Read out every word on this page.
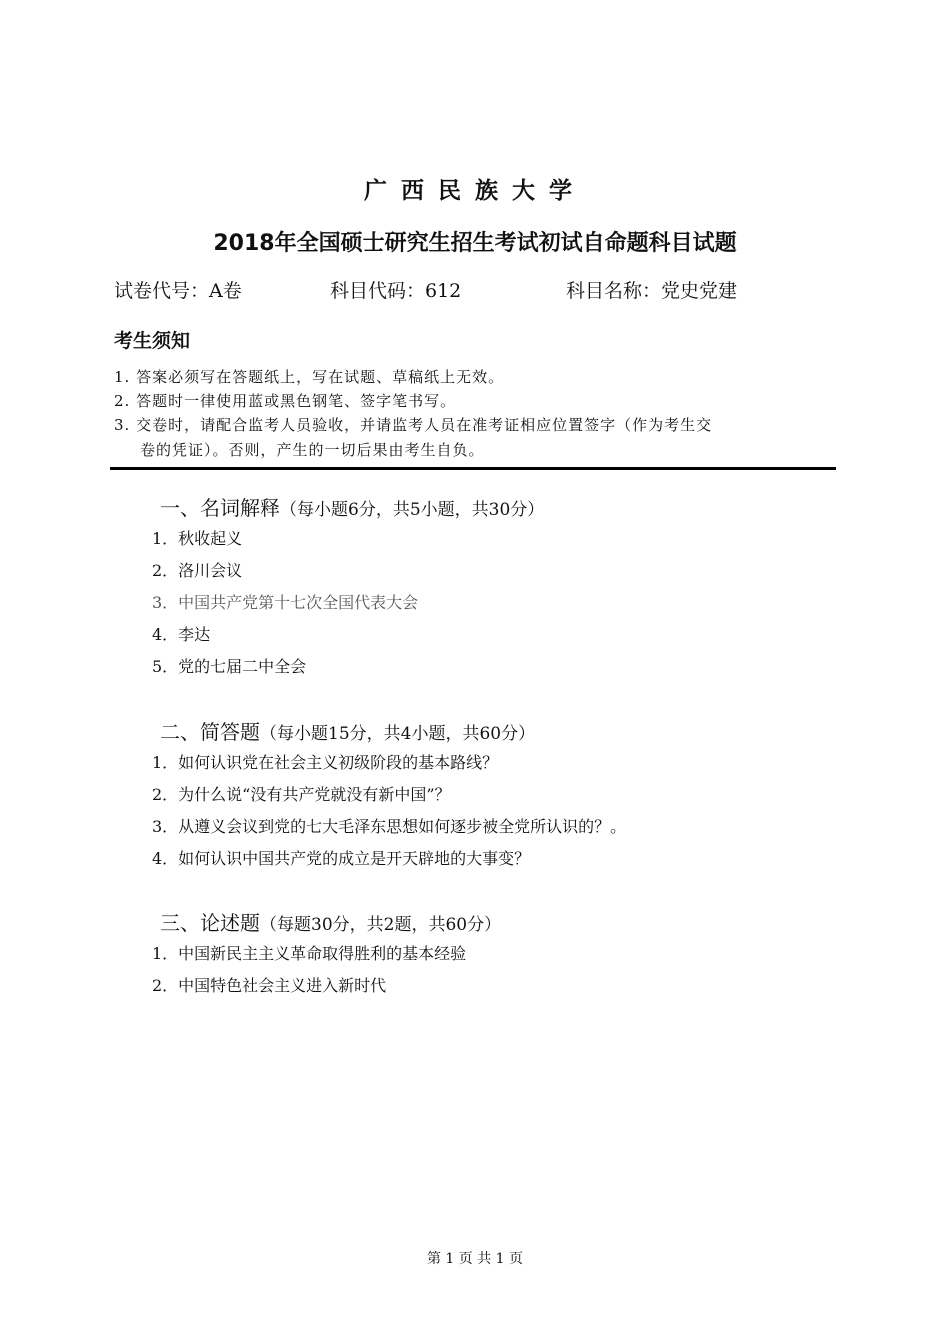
广西民族大学
2018年全国硕士研究生招生考试初试自命题科目试题
试卷代号：A卷	科目代码：612	科目名称：党史党建
考生须知
1. 答案必须写在答题纸上，写在试题、草稿纸上无效。
2. 答题时一律使用蓝或黑色钢笔、签字笔书写。
3. 交卷时，请配合监考人员验收，并请监考人员在准考证相应位置签字（作为考生交
卷的凭证）。否则，产生的一切后果由考生自负。
一、名词解释（每小题6分，共5小题，共30分）
1．秋收起义
2．洛川会议
3．中国共产党第十七次全国代表大会
4．李达
5．党的七届二中全会
二、简答题（每小题15分，共4小题，共60分）
1．如何认识党在社会主义初级阶段的基本路线？
2．为什么说“没有共产党就没有新中国”？
3．从遵义会议到党的七大毛泽东思想如何逐步被全党所认识的？。
4．如何认识中国共产党的成立是开天辟地的大事变？
三、论述题（每题30分，共2题，共60分）
1．中国新民主主义革命取得胜利的基本经验
2．中国特色社会主义进入新时代
第 1 页 共 1 页
